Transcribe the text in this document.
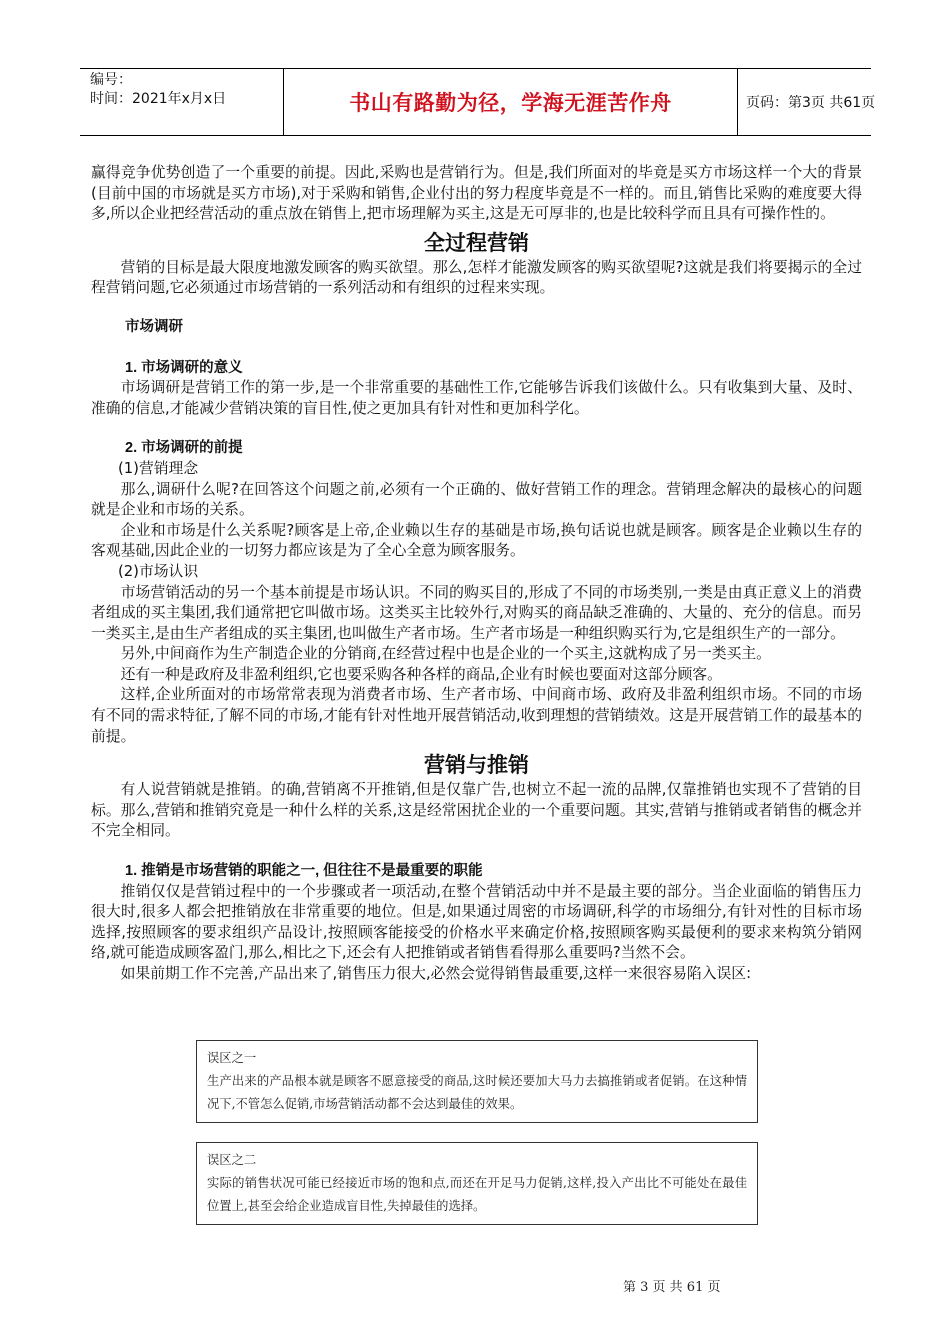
编号：
时间：2021年x月x日	书山有路勤为径，学海无涯苦作舟	页码：第3页 共61页

赢得竞争优势创造了一个重要的前提。因此,采购也是营销行为。但是,我们所面对的毕竟是买方市场这样一个大的背景(目前中国的市场就是买方市场),对于采购和销售,企业付出的努力程度毕竟是不一样的。而且,销售比采购的难度要大得多,所以企业把经营活动的重点放在销售上,把市场理解为买主,这是无可厚非的,也是比较科学而且具有可操作性的。

全过程营销

营销的目标是最大限度地激发顾客的购买欲望。那么,怎样才能激发顾客的购买欲望呢?这就是我们将要揭示的全过程营销问题,它必须通过市场营销的一系列活动和有组织的过程来实现。

市场调研

1. 市场调研的意义

市场调研是营销工作的第一步,是一个非常重要的基础性工作,它能够告诉我们该做什么。只有收集到大量、及时、准确的信息,才能减少营销决策的盲目性,使之更加具有针对性和更加科学化。

2. 市场调研的前提

(1)营销理念

那么,调研什么呢?在回答这个问题之前,必须有一个正确的、做好营销工作的理念。营销理念解决的最核心的问题就是企业和市场的关系。

企业和市场是什么关系呢?顾客是上帝,企业赖以生存的基础是市场,换句话说也就是顾客。顾客是企业赖以生存的客观基础,因此企业的一切努力都应该是为了全心全意为顾客服务。

(2)市场认识

市场营销活动的另一个基本前提是市场认识。不同的购买目的,形成了不同的市场类别,一类是由真正意义上的消费者组成的买主集团,我们通常把它叫做市场。这类买主比较外行,对购买的商品缺乏准确的、大量的、充分的信息。而另一类买主,是由生产者组成的买主集团,也叫做生产者市场。生产者市场是一种组织购买行为,它是组织生产的一部分。

另外,中间商作为生产制造企业的分销商,在经营过程中也是企业的一个买主,这就构成了另一类买主。

还有一种是政府及非盈利组织,它也要采购各种各样的商品,企业有时候也要面对这部分顾客。

这样,企业所面对的市场常常表现为消费者市场、生产者市场、中间商市场、政府及非盈利组织市场。不同的市场有不同的需求特征,了解不同的市场,才能有针对性地开展营销活动,收到理想的营销绩效。这是开展营销工作的最基本的前提。

营销与推销

有人说营销就是推销。的确,营销离不开推销,但是仅靠广告,也树立不起一流的品牌,仅靠推销也实现不了营销的目标。那么,营销和推销究竟是一种什么样的关系,这是经常困扰企业的一个重要问题。其实,营销与推销或者销售的概念并不完全相同。

1. 推销是市场营销的职能之一, 但往往不是最重要的职能

推销仅仅是营销过程中的一个步骤或者一项活动,在整个营销活动中并不是最主要的部分。当企业面临的销售压力很大时,很多人都会把推销放在非常重要的地位。但是,如果通过周密的市场调研,科学的市场细分,有针对性的目标市场选择,按照顾客的要求组织产品设计,按照顾客能接受的价格水平来确定价格,按照顾客购买最便利的要求来构筑分销网络,就可能造成顾客盈门,那么,相比之下,还会有人把推销或者销售看得那么重要吗?当然不会。

如果前期工作不完善,产品出来了,销售压力很大,必然会觉得销售最重要,这样一来很容易陷入误区:

误区之一
生产出来的产品根本就是顾客不愿意接受的商品,这时候还要加大马力去搞推销或者促销。在这种情况下,不管怎么促销,市场营销活动都不会达到最佳的效果。
误区之二
实际的销售状况可能已经接近市场的饱和点,而还在开足马力促销,这样,投入产出比不可能处在最佳位置上,甚至会给企业造成盲目性,失掉最佳的选择。
第 3 页 共 61 页
